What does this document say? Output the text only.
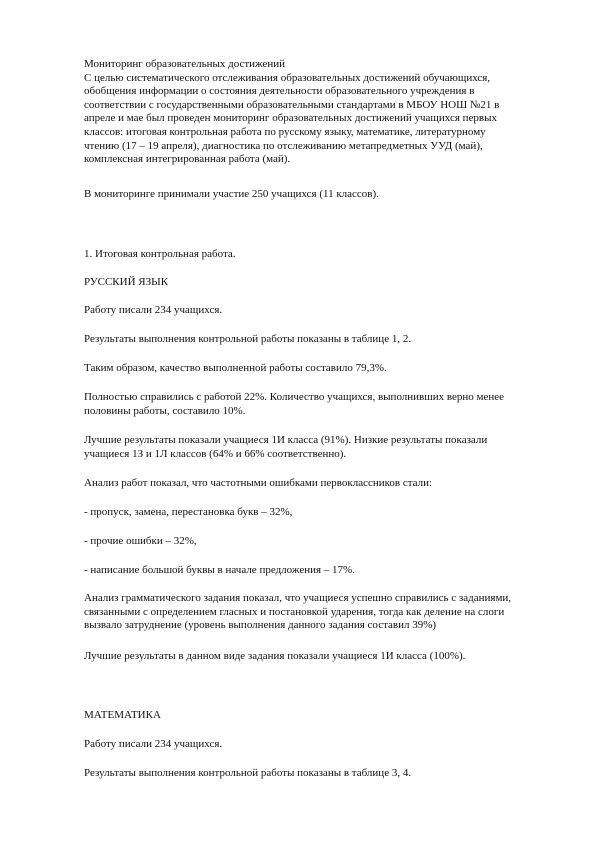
Мониторинг образовательных достижений
С целью систематического отслеживания образовательных достижений обучающихся,
обобщения информации о состояния деятельности образовательного учреждения в
соответствии с государственными образовательными стандартами в МБОУ НОШ №21 в
апреле и мае был проведен мониторинг образовательных достижений учащихся первых
классов: итоговая контрольная работа по русскому языку, математике, литературному
чтению (17 – 19 апреля), диагностика по отслеживанию метапредметных УУД (май),
комплексная интегрированная работа (май).

В мониторинге принимали участие 250 учащихся (11 классов).

1. Итоговая контрольная работа.

РУССКИЙ ЯЗЫК

Работу писали 234 учащихся.

Результаты выполнения контрольной работы показаны в таблице 1, 2.

Таким образом, качество выполненной работы составило 79,3%.

Полностью справились с работой 22%. Количество учащихся, выполнивших верно менее
половины работы, составило 10%.
Лучшие результаты показали учащиеся 1И класса (91%). Низкие результаты показали
учащиеся 1З и 1Л классов (64% и 66% соответственно).

Анализ работ показал, что частотными ошибками первоклассников стали:

- пропуск, замена, перестановка букв – 32%,

- прочие ошибки – 32%,

- написание большой буквы в начале предложения – 17%.

Анализ грамматического задания показал, что учащиеся успешно справились с заданиями,
связанными с определением гласных и постановкой ударения, тогда как деление на слоги
вызвало затруднение (уровень выполнения данного задания составил 39%)

Лучшие результаты в данном виде задания показали учащиеся 1И класса (100%).

МАТЕМАТИКА

Работу писали 234 учащихся.

Результаты выполнения контрольной работы показаны в таблице 3, 4.
